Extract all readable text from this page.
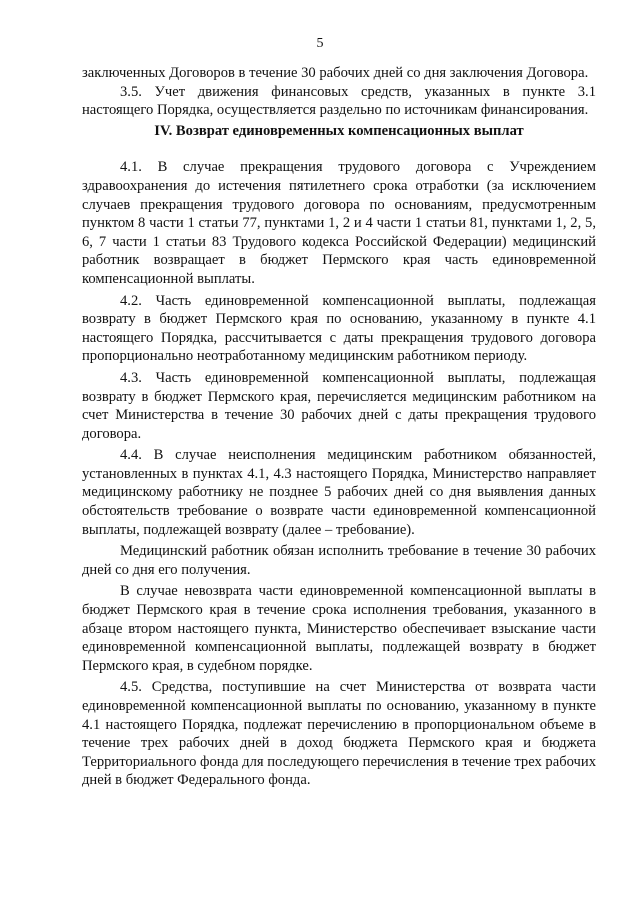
5

заключенных Договоров в течение 30 рабочих дней со дня заключения Договора.

3.5. Учет движения финансовых средств, указанных в пункте 3.1 настоящего Порядка, осуществляется раздельно по источникам финансирования.

IV. Возврат единовременных компенсационных выплат

4.1. В случае прекращения трудового договора с Учреждением здравоохранения до истечения пятилетнего срока отработки (за исключением случаев прекращения трудового договора по основаниям, предусмотренным пунктом 8 части 1 статьи 77, пунктами 1, 2 и 4 части 1 статьи 81, пунктами 1, 2, 5, 6, 7 части 1 статьи 83 Трудового кодекса Российской Федерации) медицинский работник возвращает в бюджет Пермского края часть единовременной компенсационной выплаты.

4.2. Часть единовременной компенсационной выплаты, подлежащая возврату в бюджет Пермского края по основанию, указанному в пункте 4.1 настоящего Порядка, рассчитывается с даты прекращения трудового договора пропорционально неотработанному медицинским работником периоду.

4.3. Часть единовременной компенсационной выплаты, подлежащая возврату в бюджет Пермского края, перечисляется медицинским работником на счет Министерства в течение 30 рабочих дней с даты прекращения трудового договора.

4.4. В случае неисполнения медицинским работником обязанностей, установленных в пунктах 4.1, 4.3 настоящего Порядка, Министерство направляет медицинскому работнику не позднее 5 рабочих дней со дня выявления данных обстоятельств требование о возврате части единовременной компенсационной выплаты, подлежащей возврату (далее – требование).

Медицинский работник обязан исполнить требование в течение 30 рабочих дней со дня его получения.

В случае невозврата части единовременной компенсационной выплаты в бюджет Пермского края в течение срока исполнения требования, указанного в абзаце втором настоящего пункта, Министерство обеспечивает взыскание части единовременной компенсационной выплаты, подлежащей возврату в бюджет Пермского края, в судебном порядке.

4.5. Средства, поступившие на счет Министерства от возврата части единовременной компенсационной выплаты по основанию, указанному в пункте 4.1 настоящего Порядка, подлежат перечислению в пропорциональном объеме в течение трех рабочих дней в доход бюджета Пермского края и бюджета Территориального фонда для последующего перечисления в течение трех рабочих дней в бюджет Федерального фонда.
